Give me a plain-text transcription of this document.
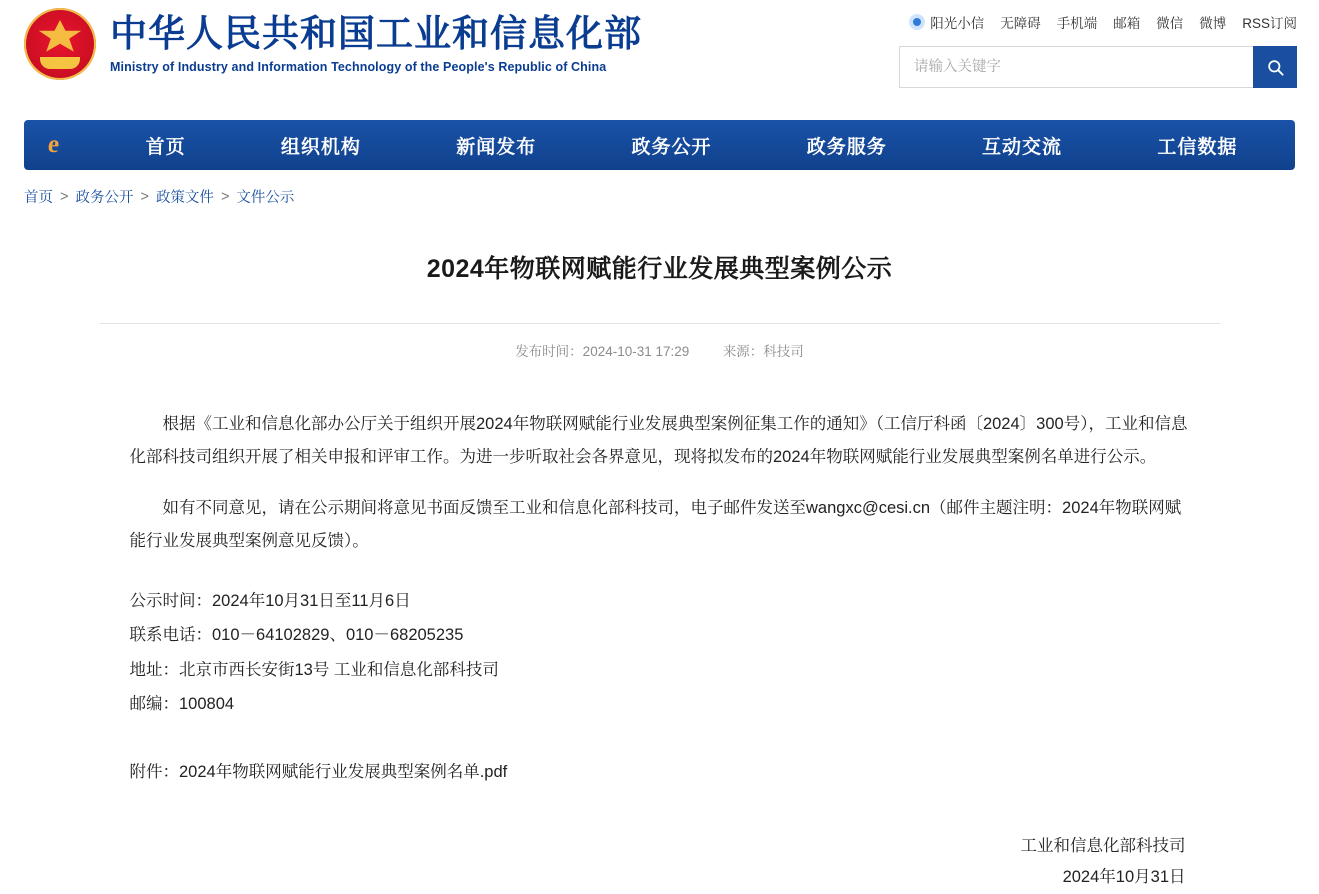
中华人民共和国工业和信息化部
Ministry of Industry and Information Technology of the People's Republic of China
阳光小信 无障碍 手机端 邮箱 微信 微博 RSS订阅
请输入关键字
e	首页	组织机构	新闻发布	政务公开	政务服务	互动交流	工信数据
首页 > 政务公开 > 政策文件 > 文件公示
2024年物联网赋能行业发展典型案例公示
发布时间：2024-10-31 17:29 来源：科技司

根据《工业和信息化部办公厅关于组织开展2024年物联网赋能行业发展典型案例征集工作的通知》（工信厅科函〔2024〕300号），工业和信息化部科技司组织开展了相关申报和评审工作。为进一步听取社会各界意见，现将拟发布的2024年物联网赋能行业发展典型案例名单进行公示。

如有不同意见，请在公示期间将意见书面反馈至工业和信息化部科技司，电子邮件发送至wangxc@cesi.cn（邮件主题注明：2024年物联网赋能行业发展典型案例意见反馈）。

公示时间：2024年10月31日至11月6日

联系电话：010－64102829、010－68205235

地址：北京市西长安街13号 工业和信息化部科技司

邮编：100804

附件：2024年物联网赋能行业发展典型案例名单.pdf
工业和信息化部科技司
2024年10月31日
